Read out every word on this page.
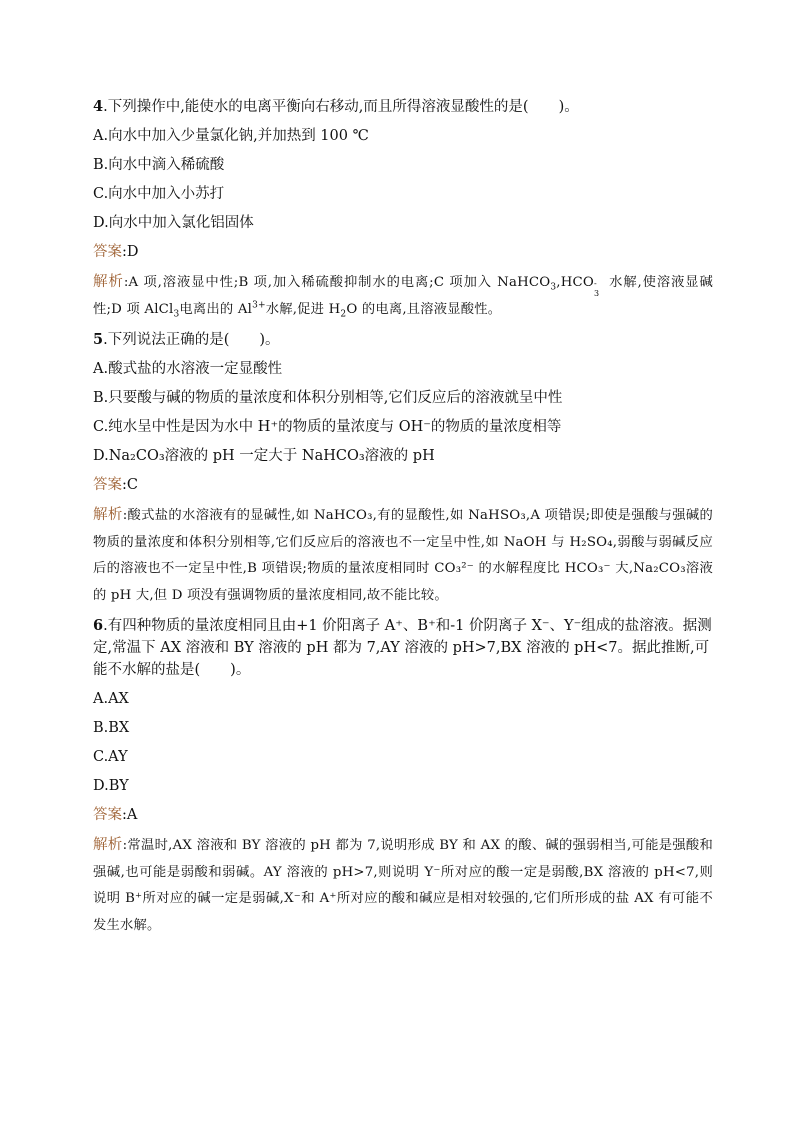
4.下列操作中,能使水的电离平衡向右移动,而且所得溶液显酸性的是( )。
A.向水中加入少量氯化钠,并加热到 100 ℃
B.向水中滴入稀硫酸
C.向水中加入小苏打
D.向水中加入氯化铝固体
答案:D
解析:A 项,溶液显中性;B 项,加入稀硫酸抑制水的电离;C 项加入 NaHCO$_3$,HCO -
3
水解,使溶液显碱性;D 项 AlCl$_3$电离出的 $Al^{3+}$水解,促进 $H_2O$ 的电离,且溶液显酸性。
5.下列说法正确的是( )。
A.酸式盐的水溶液一定显酸性
B.只要酸与碱的物质的量浓度和体积分别相等,它们反应后的溶液就呈中性
C.纯水呈中性是因为水中 H⁺的物质的量浓度与 OH⁻的物质的量浓度相等
D.Na₂CO₃溶液的 pH 一定大于 NaHCO₃溶液的 pH
答案:C
解析:酸式盐的水溶液有的显碱性,如 NaHCO₃,有的显酸性,如 NaHSO₃,A 项错误;即使是强酸与强碱的物质的量浓度和体积分别相等,它们反应后的溶液也不一定呈中性,如 NaOH 与 H₂SO₄,弱酸与弱碱反应后的溶液也不一定呈中性,B 项错误;物质的量浓度相同时 CO₃²⁻ 的水解程度比 HCO₃⁻ 大,Na₂CO₃溶液的 pH 大,但 D 项没有强调物质的量浓度相同,故不能比较。
6.有四种物质的量浓度相同且由+1 价阳离子 A⁺、B⁺和-1 价阴离子 X⁻、Y⁻组成的盐溶液。据测定,常温下 AX 溶液和 BY 溶液的 pH 都为 7,AY 溶液的 pH>7,BX 溶液的 pH<7。据此推断,可能不水解的盐是( )。
A.AX
B.BX
C.AY
D.BY
答案:A
解析:常温时,AX 溶液和 BY 溶液的 pH 都为 7,说明形成 BY 和 AX 的酸、碱的强弱相当,可能是强酸和强碱,也可能是弱酸和弱碱。AY 溶液的 pH>7,则说明 Y⁻所对应的酸一定是弱酸,BX 溶液的 pH<7,则说明 B⁺所对应的碱一定是弱碱,X⁻和 A⁺所对应的酸和碱应是相对较强的,它们所形成的盐 AX 有可能不发生水解。
